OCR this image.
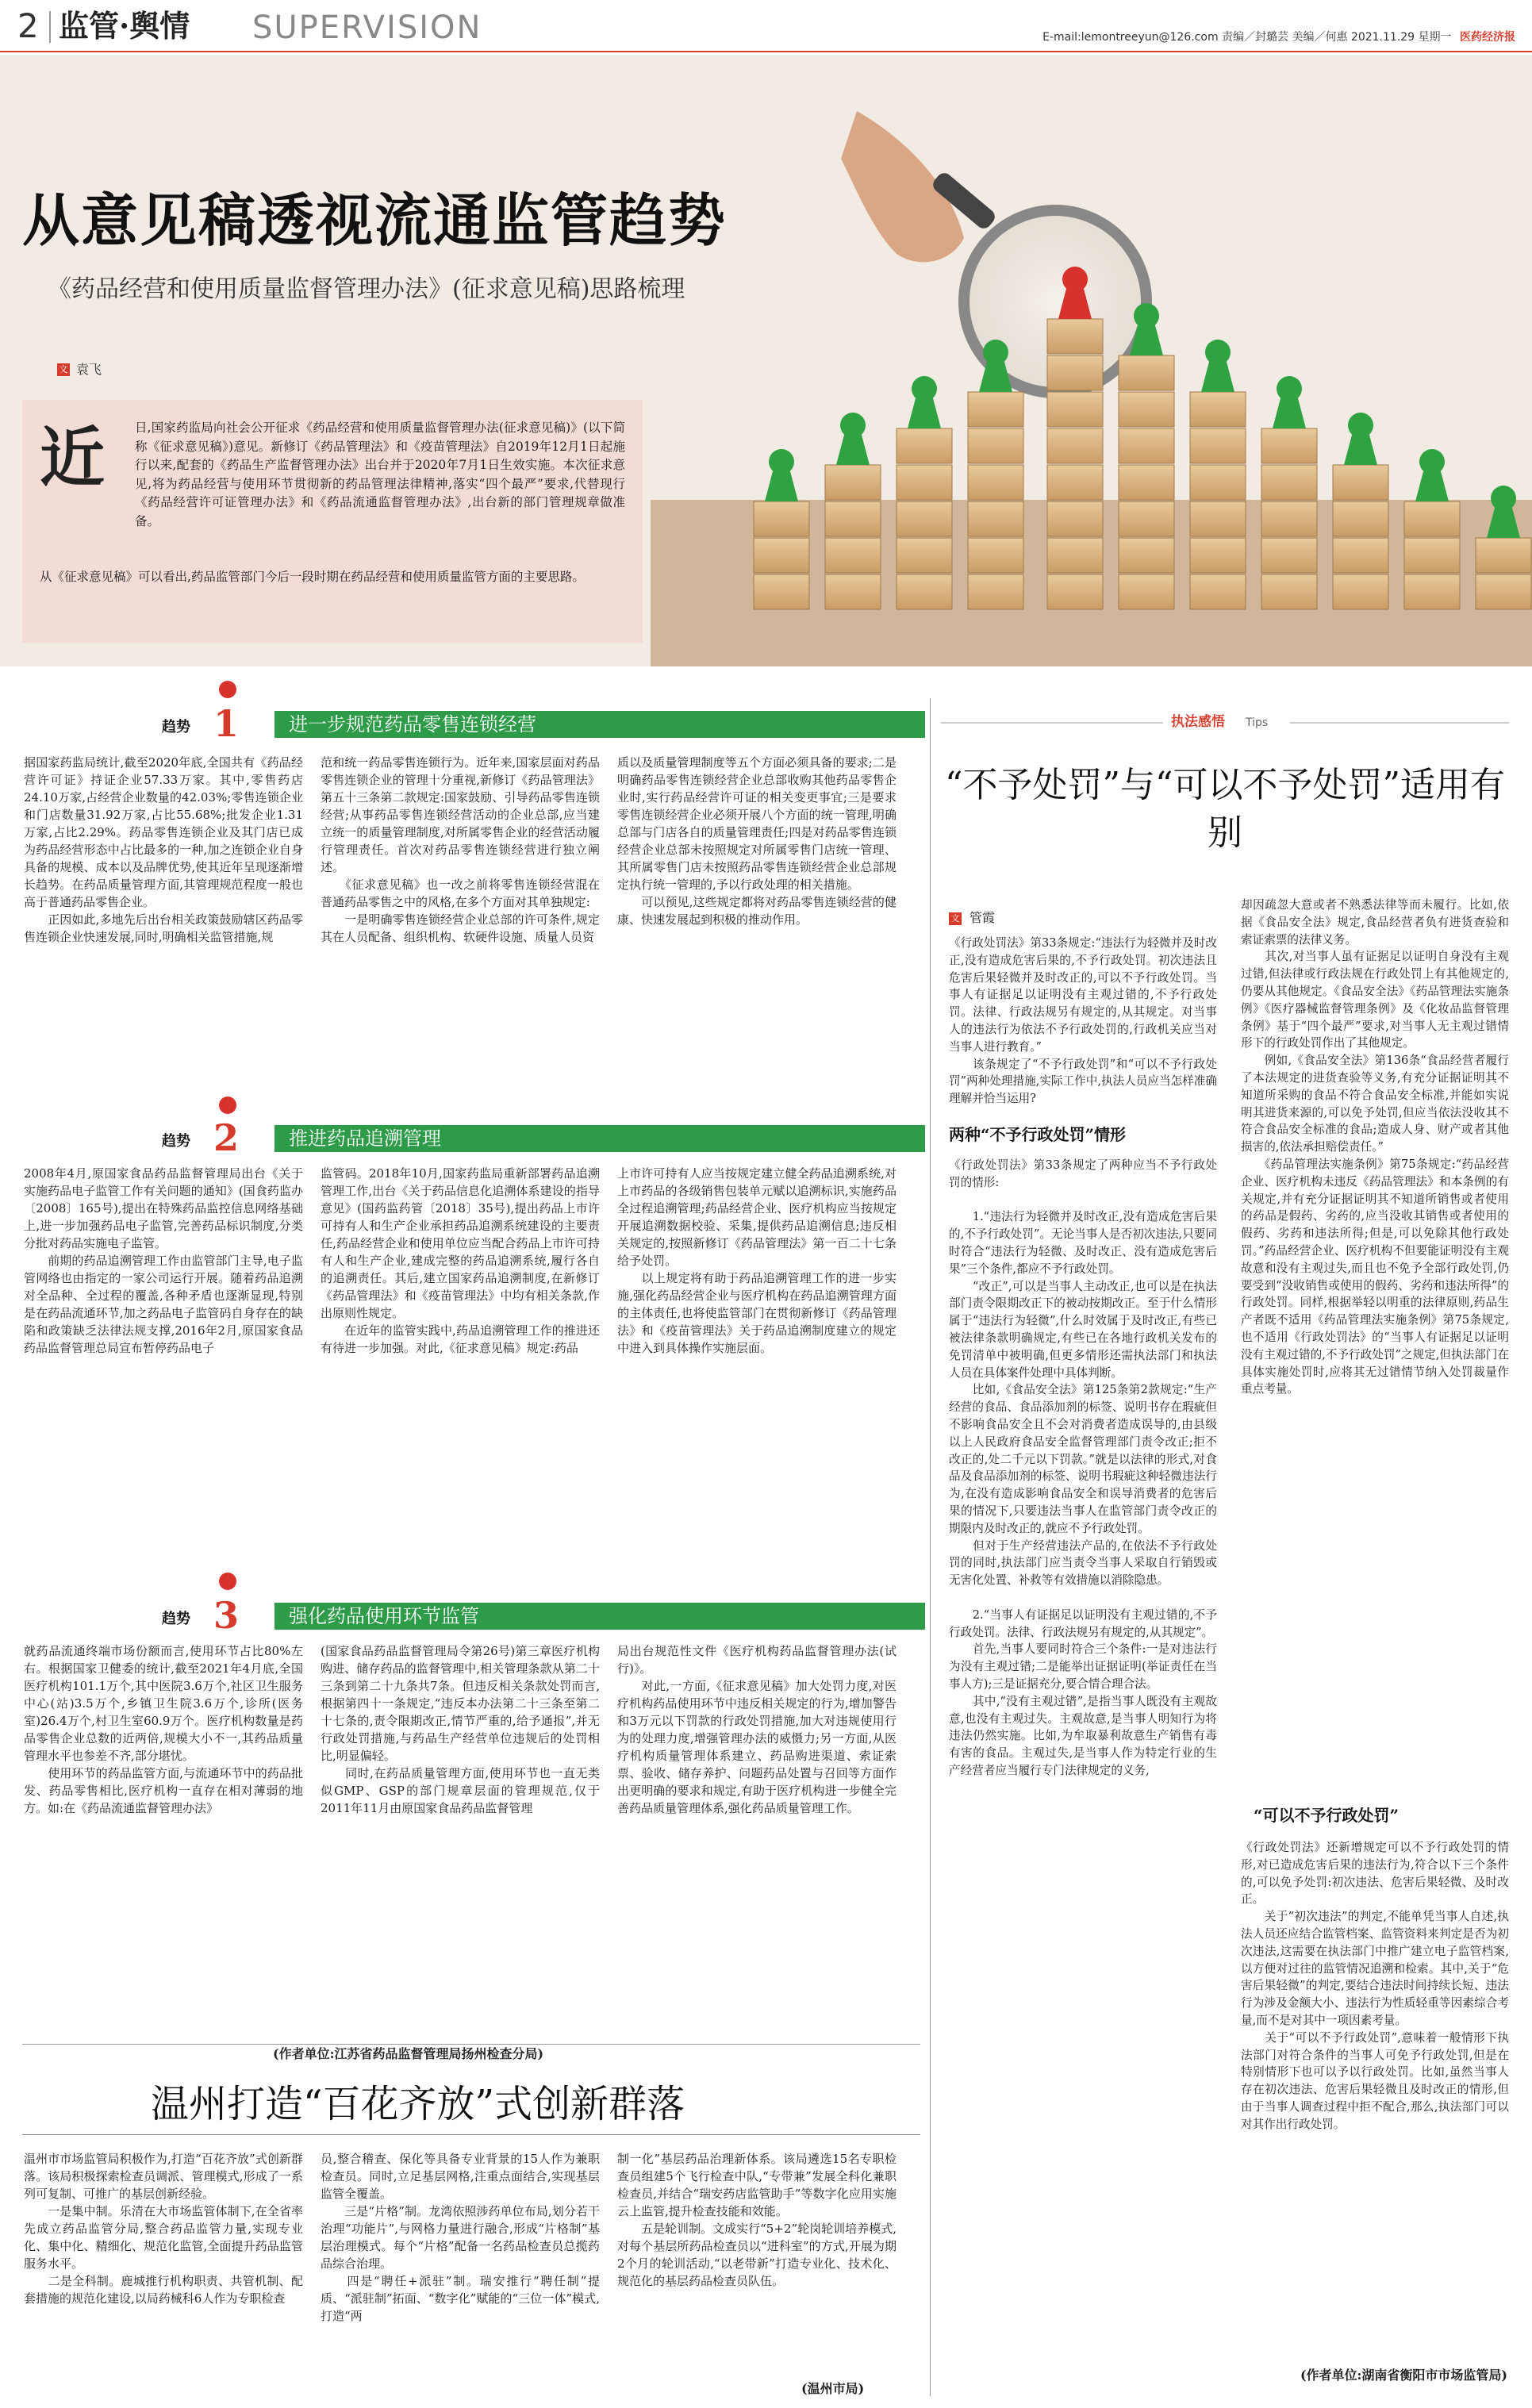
2 监管·舆情 SUPERVISION	E-mail:lemontreeyun@126.com 责编／封璐芸 美编／何惠 2021.11.29 星期一 医药经济报
从意见稿透视流通监管趋势
《药品经营和使用质量监督管理办法》(征求意见稿)思路梳理
文 袁飞
近 日,国家药监局向社会公开征求《药品经营和使用质量监督管理办法(征求意见稿)》(以下简称《征求意见稿》)意见。新修订《药品管理法》和《疫苗管理法》自2019年12月1日起施行以来,配套的《药品生产监督管理办法》出台并于2020年7月1日生效实施。本次征求意见,将为药品经营与使用环节贯彻新的药品管理法律精神,落实“四个最严”要求,代替现行《药品经营许可证管理办法》和《药品流通监督管理办法》,出台新的部门管理规章做准备。
从《征求意见稿》可以看出,药品监管部门今后一段时期在药品经营和使用质量监管方面的主要思路。
趋势 1	进一步规范药品零售连锁经营
据国家药监局统计,截至2020年底,全国共有《药品经营许可证》持证企业57.33万家。其中,零售药店24.10万家,占经营企业数量的42.03%;零售连锁企业和门店数量31.92万家,占比55.68%;批发企业1.31万家,占比2.29%。药品零售连锁企业及其门店已成为药品经营形态中占比最多的一种,加之连锁企业自身具备的规模、成本以及品牌优势,使其近年呈现逐渐增长趋势。在药品质量管理方面,其管理规范程度一般也高于普通药品零售企业。
　　正因如此,多地先后出台相关政策鼓励辖区药品零售连锁企业快速发展,同时,明确相关监管措施,规
范和统一药品零售连锁行为。近年来,国家层面对药品零售连锁企业的管理十分重视,新修订《药品管理法》第五十三条第二款规定:国家鼓励、引导药品零售连锁经营;从事药品零售连锁经营活动的企业总部,应当建立统一的质量管理制度,对所属零售企业的经营活动履行管理责任。首次对药品零售连锁经营进行独立阐述。
　　《征求意见稿》也一改之前将零售连锁经营混在普通药品零售之中的风格,在多个方面对其单独规定:
　　一是明确零售连锁经营企业总部的许可条件,规定其在人员配备、组织机构、软硬件设施、质量人员资
质以及质量管理制度等五个方面必须具备的要求;二是明确药品零售连锁经营企业总部收购其他药品零售企业时,实行药品经营许可证的相关变更事宜;三是要求零售连锁经营企业必须开展八个方面的统一管理,明确总部与门店各自的质量管理责任;四是对药品零售连锁经营企业总部未按照规定对所属零售门店统一管理、其所属零售门店未按照药品零售连锁经营企业总部规定执行统一管理的,予以行政处理的相关措施。
　　可以预见,这些规定都将对药品零售连锁经营的健康、快速发展起到积极的推动作用。
趋势 2	推进药品追溯管理
2008年4月,原国家食品药品监督管理局出台《关于实施药品电子监管工作有关问题的通知》(国食药监办〔2008〕165号),提出在特殊药品监控信息网络基础上,进一步加强药品电子监管,完善药品标识制度,分类分批对药品实施电子监管。
　　前期的药品追溯管理工作由监管部门主导,电子监管网络也由指定的一家公司运行开展。随着药品追溯对全品种、全过程的覆盖,各种矛盾也逐渐显现,特别是在药品流通环节,加之药品电子监管码自身存在的缺陷和政策缺乏法律法规支撑,2016年2月,原国家食品药品监督管理总局宣布暂停药品电子
监管码。2018年10月,国家药监局重新部署药品追溯管理工作,出台《关于药品信息化追溯体系建设的指导意见》(国药监药管〔2018〕35号),提出药品上市许可持有人和生产企业承担药品追溯系统建设的主要责任,药品经营企业和使用单位应当配合药品上市许可持有人和生产企业,建成完整的药品追溯系统,履行各自的追溯责任。其后,建立国家药品追溯制度,在新修订《药品管理法》和《疫苗管理法》中均有相关条款,作出原则性规定。
　　在近年的监管实践中,药品追溯管理工作的推进还有待进一步加强。对此,《征求意见稿》规定:药品
上市许可持有人应当按规定建立健全药品追溯系统,对上市药品的各级销售包装单元赋以追溯标识,实施药品全过程追溯管理;药品经营企业、医疗机构应当按规定开展追溯数据校验、采集,提供药品追溯信息;违反相关规定的,按照新修订《药品管理法》第一百二十七条给予处罚。
　　以上规定将有助于药品追溯管理工作的进一步实施,强化药品经营企业与医疗机构在药品追溯管理方面的主体责任,也将使监管部门在贯彻新修订《药品管理法》和《疫苗管理法》关于药品追溯制度建立的规定中进入到具体操作实施层面。
趋势 3	强化药品使用环节监管
就药品流通终端市场份额而言,使用环节占比80%左右。根据国家卫健委的统计,截至2021年4月底,全国医疗机构101.1万个,其中医院3.6万个,社区卫生服务中心(站)3.5万个,乡镇卫生院3.6万个,诊所(医务室)26.4万个,村卫生室60.9万个。医疗机构数量是药品零售企业总数的近两倍,规模大小不一,其药品质量管理水平也参差不齐,部分堪忧。
　　使用环节的药品监管方面,与流通环节中的药品批发、药品零售相比,医疗机构一直存在相对薄弱的地方。如:在《药品流通监督管理办法》
(国家食品药品监督管理局令第26号)第三章医疗机构购进、储存药品的监督管理中,相关管理条款从第二十三条到第二十九条共7条。但违反相关条款处罚而言,根据第四十一条规定,“违反本办法第二十三条至第二十七条的,责令限期改正,情节严重的,给予通报”,并无行政处罚措施,与药品生产经营单位违规后的处罚相比,明显偏轻。
　　同时,在药品质量管理方面,使用环节也一直无类似GMP、GSP的部门规章层面的管理规范,仅于2011年11月由原国家食品药品监督管理
局出台规范性文件《医疗机构药品监督管理办法(试行)》。
　　对此,一方面,《征求意见稿》加大处罚力度,对医疗机构药品使用环节中违反相关规定的行为,增加警告和3万元以下罚款的行政处罚措施,加大对违规使用行为的处理力度,增强管理办法的威慑力;另一方面,从医疗机构质量管理体系建立、药品购进渠道、索证索票、验收、储存养护、问题药品处置与召回等方面作出更明确的要求和规定,有助于医疗机构进一步健全完善药品质量管理体系,强化药品质量管理工作。
(作者单位:江苏省药品监督管理局扬州检查分局)
温州打造“百花齐放”式创新群落
温州市市场监管局积极作为,打造“百花齐放”式创新群落。该局积极探索检查员调派、管理模式,形成了一系列可复制、可推广的基层创新经验。
　　一是集中制。乐清在大市场监管体制下,在全省率先成立药品监管分局,整合药品监管力量,实现专业化、集中化、精细化、规范化监管,全面提升药品监管服务水平。
　　二是全科制。鹿城推行机构职责、共管机制、配套措施的规范化建设,以局药械科6人作为专职检查
员,整合稽查、保化等具备专业背景的15人作为兼职检查员。同时,立足基层网格,注重点面结合,实现基层监管全覆盖。
　　三是“片格”制。龙湾依照涉药单位布局,划分若干治理“功能片”,与网格力量进行融合,形成“片格制”基层治理模式。每个“片格”配备一名药品检查员总揽药品综合治理。
　　四是“聘任+派驻”制。瑞安推行“聘任制”提质、“派驻制”拓面、“数字化”赋能的“三位一体”模式,打造“两
制一化”基层药品治理新体系。该局遴选15名专职检查员组建5个飞行检查中队,“专带兼”发展全科化兼职检查员,并结合“瑞安药店监管助手”等数字化应用实施云上监管,提升检查技能和效能。
　　五是轮训制。文成实行“5+2”轮岗轮训培养模式,对每个基层所药品检查员以“进科室”的方式,开展为期2个月的轮训活动,“以老带新”打造专业化、技术化、规范化的基层药品检查员队伍。
(温州市局)
执法感悟 Tips
“不予处罚”与“可以不予处罚”适用有别
文 管霞
《行政处罚法》第33条规定:“违法行为轻微并及时改正,没有造成危害后果的,不予行政处罚。初次违法且危害后果轻微并及时改正的,可以不予行政处罚。当事人有证据足以证明没有主观过错的,不予行政处罚。法律、行政法规另有规定的,从其规定。对当事人的违法行为依法不予行政处罚的,行政机关应当对当事人进行教育。”
　　该条规定了“不予行政处罚”和“可以不予行政处罚”两种处理措施,实际工作中,执法人员应当怎样准确理解并恰当运用?
两种“不予行政处罚”情形
《行政处罚法》第33条规定了两种应当不予行政处罚的情形:

　　1.“违法行为轻微并及时改正,没有造成危害后果的,不予行政处罚”。无论当事人是否初次违法,只要同时符合“违法行为轻微、及时改正、没有造成危害后果”三个条件,都应不予行政处罚。
　　“改正”,可以是当事人主动改正,也可以是在执法部门责令限期改正下的被动按期改正。至于什么情形属于“违法行为轻微”,什么时效属于及时改正,有些已被法律条款明确规定,有些已在各地行政机关发布的免罚清单中被明确,但更多情形还需执法部门和执法人员在具体案件处理中具体判断。
　　比如,《食品安全法》第125条第2款规定:“生产经营的食品、食品添加剂的标签、说明书存在瑕疵但不影响食品安全且不会对消费者造成误导的,由县级以上人民政府食品安全监督管理部门责令改正;拒不改正的,处二千元以下罚款。”就是以法律的形式,对食品及食品添加剂的标签、说明书瑕疵这种轻微违法行为,在没有造成影响食品安全和误导消费者的危害后果的情况下,只要违法当事人在监管部门责令改正的期限内及时改正的,就应不予行政处罚。
　　但对于生产经营违法产品的,在依法不予行政处罚的同时,执法部门应当责令当事人采取自行销毁或无害化处置、补救等有效措施以消除隐患。

　　2.“当事人有证据足以证明没有主观过错的,不予行政处罚。法律、行政法规另有规定的,从其规定”。
　　首先,当事人要同时符合三个条件:一是对违法行为没有主观过错;二是能举出证据证明(举证责任在当事人方);三是证据充分,要合情合理合法。
　　其中,“没有主观过错”,是指当事人既没有主观故意,也没有主观过失。主观故意,是当事人明知行为将违法仍然实施。比如,为牟取暴利故意生产销售有毒有害的食品。主观过失,是当事人作为特定行业的生产经营者应当履行专门法律规定的义务,
却因疏忽大意或者不熟悉法律等而未履行。比如,依据《食品安全法》规定,食品经营者负有进货查验和索证索票的法律义务。
　　其次,对当事人虽有证据足以证明自身没有主观过错,但法律或行政法规在行政处罚上有其他规定的,仍要从其他规定。《食品安全法》《药品管理法实施条例》《医疗器械监督管理条例》及《化妆品监督管理条例》基于“四个最严”要求,对当事人无主观过错情形下的行政处罚作出了其他规定。
　　例如,《食品安全法》第136条“食品经营者履行了本法规定的进货查验等义务,有充分证据证明其不知道所采购的食品不符合食品安全标准,并能如实说明其进货来源的,可以免予处罚,但应当依法没收其不符合食品安全标准的食品;造成人身、财产或者其他损害的,依法承担赔偿责任。”
　　《药品管理法实施条例》第75条规定:“药品经营企业、医疗机构未违反《药品管理法》和本条例的有关规定,并有充分证据证明其不知道所销售或者使用的药品是假药、劣药的,应当没收其销售或者使用的假药、劣药和违法所得;但是,可以免除其他行政处罚。”药品经营企业、医疗机构不但要能证明没有主观故意和没有主观过失,而且也不免予全部行政处罚,仍要受到“没收销售或使用的假药、劣药和违法所得”的行政处罚。同样,根据举轻以明重的法律原则,药品生产者既不适用《药品管理法实施条例》第75条规定,也不适用《行政处罚法》的“当事人有证据足以证明没有主观过错的,不予行政处罚”之规定,但执法部门在具体实施处罚时,应将其无过错情节纳入处罚裁量作重点考量。
“可以不予行政处罚”
《行政处罚法》还新增规定可以不予行政处罚的情形,对已造成危害后果的违法行为,符合以下三个条件的,可以免予处罚:初次违法、危害后果轻微、及时改正。
　　关于“初次违法”的判定,不能单凭当事人自述,执法人员还应结合监管档案、监管资料来判定是否为初次违法,这需要在执法部门中推广建立电子监管档案,以方便对过往的监管情况追溯和检索。其中,关于“危害后果轻微”的判定,要结合违法时间持续长短、违法行为涉及金额大小、违法行为性质轻重等因素综合考量,而不是对其中一项因素考量。
　　关于“可以不予行政处罚”,意味着一般情形下执法部门对符合条件的当事人可免予行政处罚,但是在特别情形下也可以予以行政处罚。比如,虽然当事人存在初次违法、危害后果轻微且及时改正的情形,但由于当事人调查过程中拒不配合,那么,执法部门可以对其作出行政处罚。
(作者单位:湖南省衡阳市市场监管局)
